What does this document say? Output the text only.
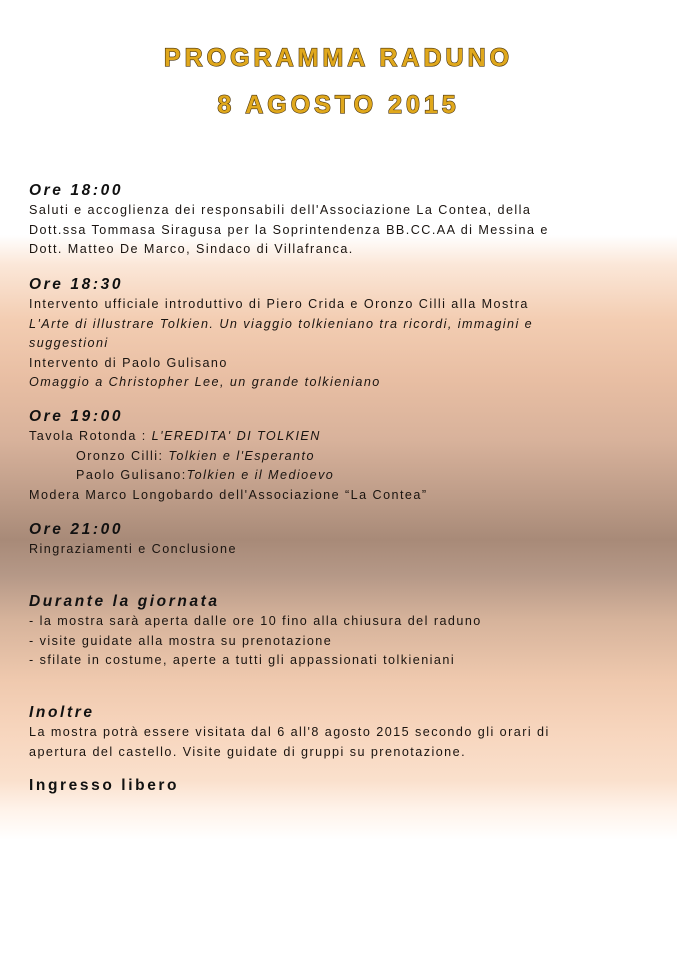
PROGRAMMA RADUNO
8 AGOSTO 2015
Ore 18:00
Saluti e accoglienza dei responsabili dell'Associazione La Contea, della
Dott.ssa Tommasa Siragusa per la Soprintendenza BB.CC.AA di Messina e
Dott. Matteo De Marco, Sindaco di Villafranca.
Ore 18:30
Intervento ufficiale introduttivo di Piero Crida e Oronzo Cilli alla Mostra
L'Arte di illustrare Tolkien. Un viaggio tolkieniano tra ricordi, immagini e
suggestioni
Intervento di Paolo Gulisano
Omaggio a Christopher Lee, un grande tolkieniano
Ore 19:00
Tavola Rotonda : L'EREDITA' DI TOLKIEN
Oronzo Cilli: Tolkien e l'Esperanto
Paolo Gulisano:Tolkien e il Medioevo
Modera Marco Longobardo dell'Associazione “La Contea”
Ore 21:00
Ringraziamenti e Conclusione
Durante la giornata
- la mostra sarà aperta dalle ore 10 fino alla chiusura del raduno
- visite guidate alla mostra su prenotazione
- sfilate in costume, aperte a tutti gli appassionati tolkieniani
Inoltre
La mostra potrà essere visitata dal 6 all'8 agosto 2015 secondo gli orari di
apertura del castello. Visite guidate di gruppi su prenotazione.
Ingresso libero
